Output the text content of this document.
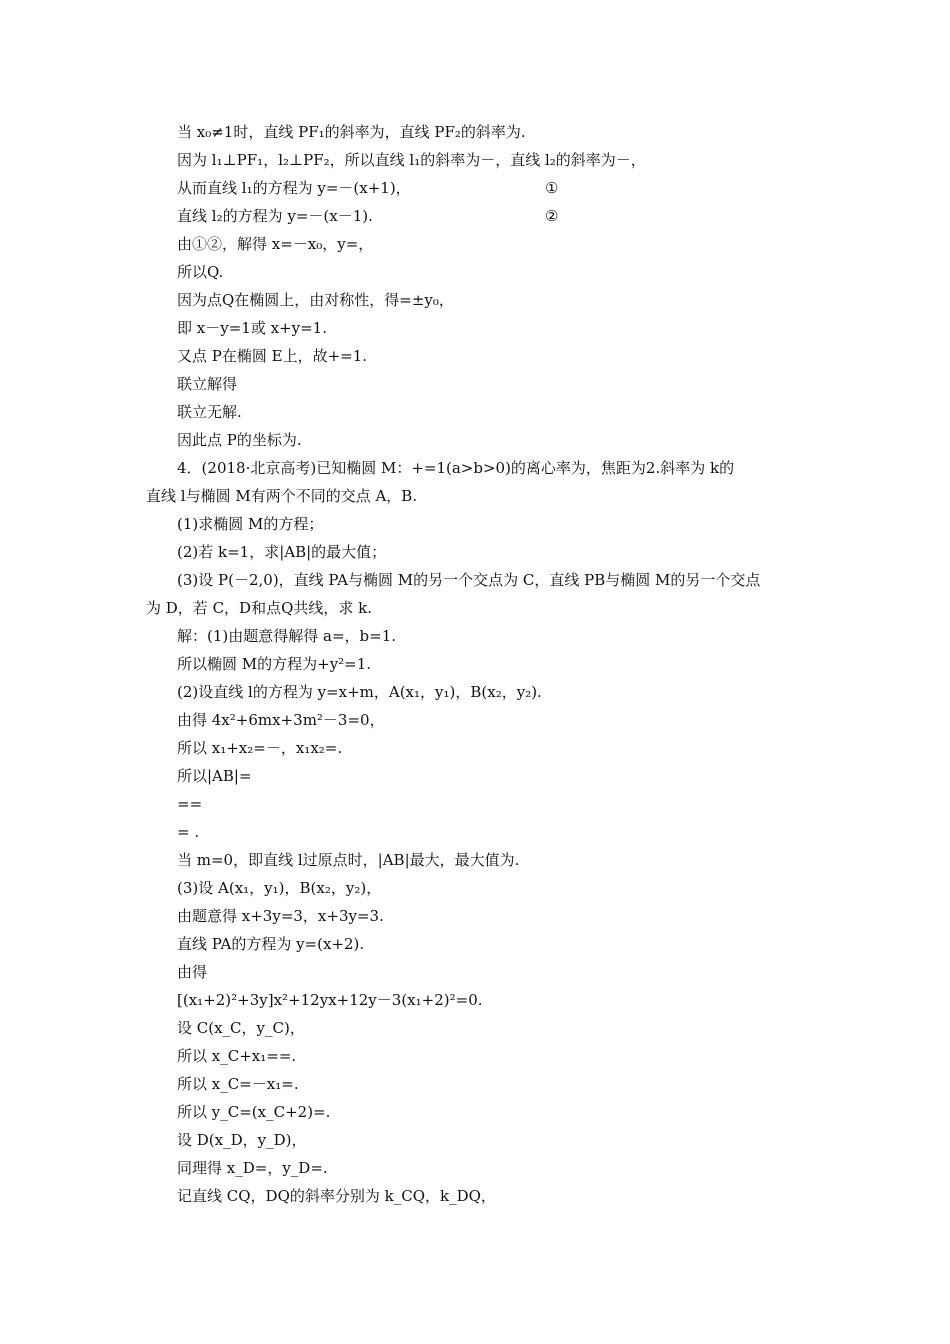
当 x₀≠1时，直线 PF₁的斜率为，直线 PF₂的斜率为.
因为 l₁⊥PF₁，l₂⊥PF₂，所以直线 l₁的斜率为－，直线 l₂的斜率为－，
从而直线 l₁的方程为 y=－(x+1)，	①
直线 l₂的方程为 y=－(x－1).	②
由①②，解得 x=－x₀，y=，
所以Q.
因为点Q在椭圆上，由对称性，得=±y₀，
即 x－y=1或 x+y=1.
又点 P在椭圆 E上，故+=1.
联立解得
联立无解.
因此点 P的坐标为.
4．(2018·北京高考)已知椭圆 M：+=1(a>b>0)的离心率为，焦距为2.斜率为 k的
直线 l与椭圆 M有两个不同的交点 A，B.
(1)求椭圆 M的方程；
(2)若 k=1，求|AB|的最大值；
(3)设 P(－2,0)，直线 PA与椭圆 M的另一个交点为 C，直线 PB与椭圆 M的另一个交点
为 D，若 C，D和点Q共线，求 k.
解：(1)由题意得解得 a=，b=1.
所以椭圆 M的方程为+y²=1.
(2)设直线 l的方程为 y=x+m，A(x₁，y₁)，B(x₂，y₂).
由得 4x²+6mx+3m²－3=0，
所以 x₁+x₂=－，x₁x₂=.
所以|AB|=
==
= .
当 m=0，即直线 l过原点时，|AB|最大，最大值为.
(3)设 A(x₁，y₁)，B(x₂，y₂)，
由题意得 x+3y=3，x+3y=3.
直线 PA的方程为 y=(x+2).
由得
[(x₁+2)²+3y]x²+12yx+12y－3(x₁+2)²=0.
设 C(x_C，y_C)，
所以 x_C+x₁==.
所以 x_C=－x₁=.
所以 y_C=(x_C+2)=.
设 D(x_D，y_D)，
同理得 x_D=，y_D=.
记直线 CQ，DQ的斜率分别为 k_CQ，k_DQ，
